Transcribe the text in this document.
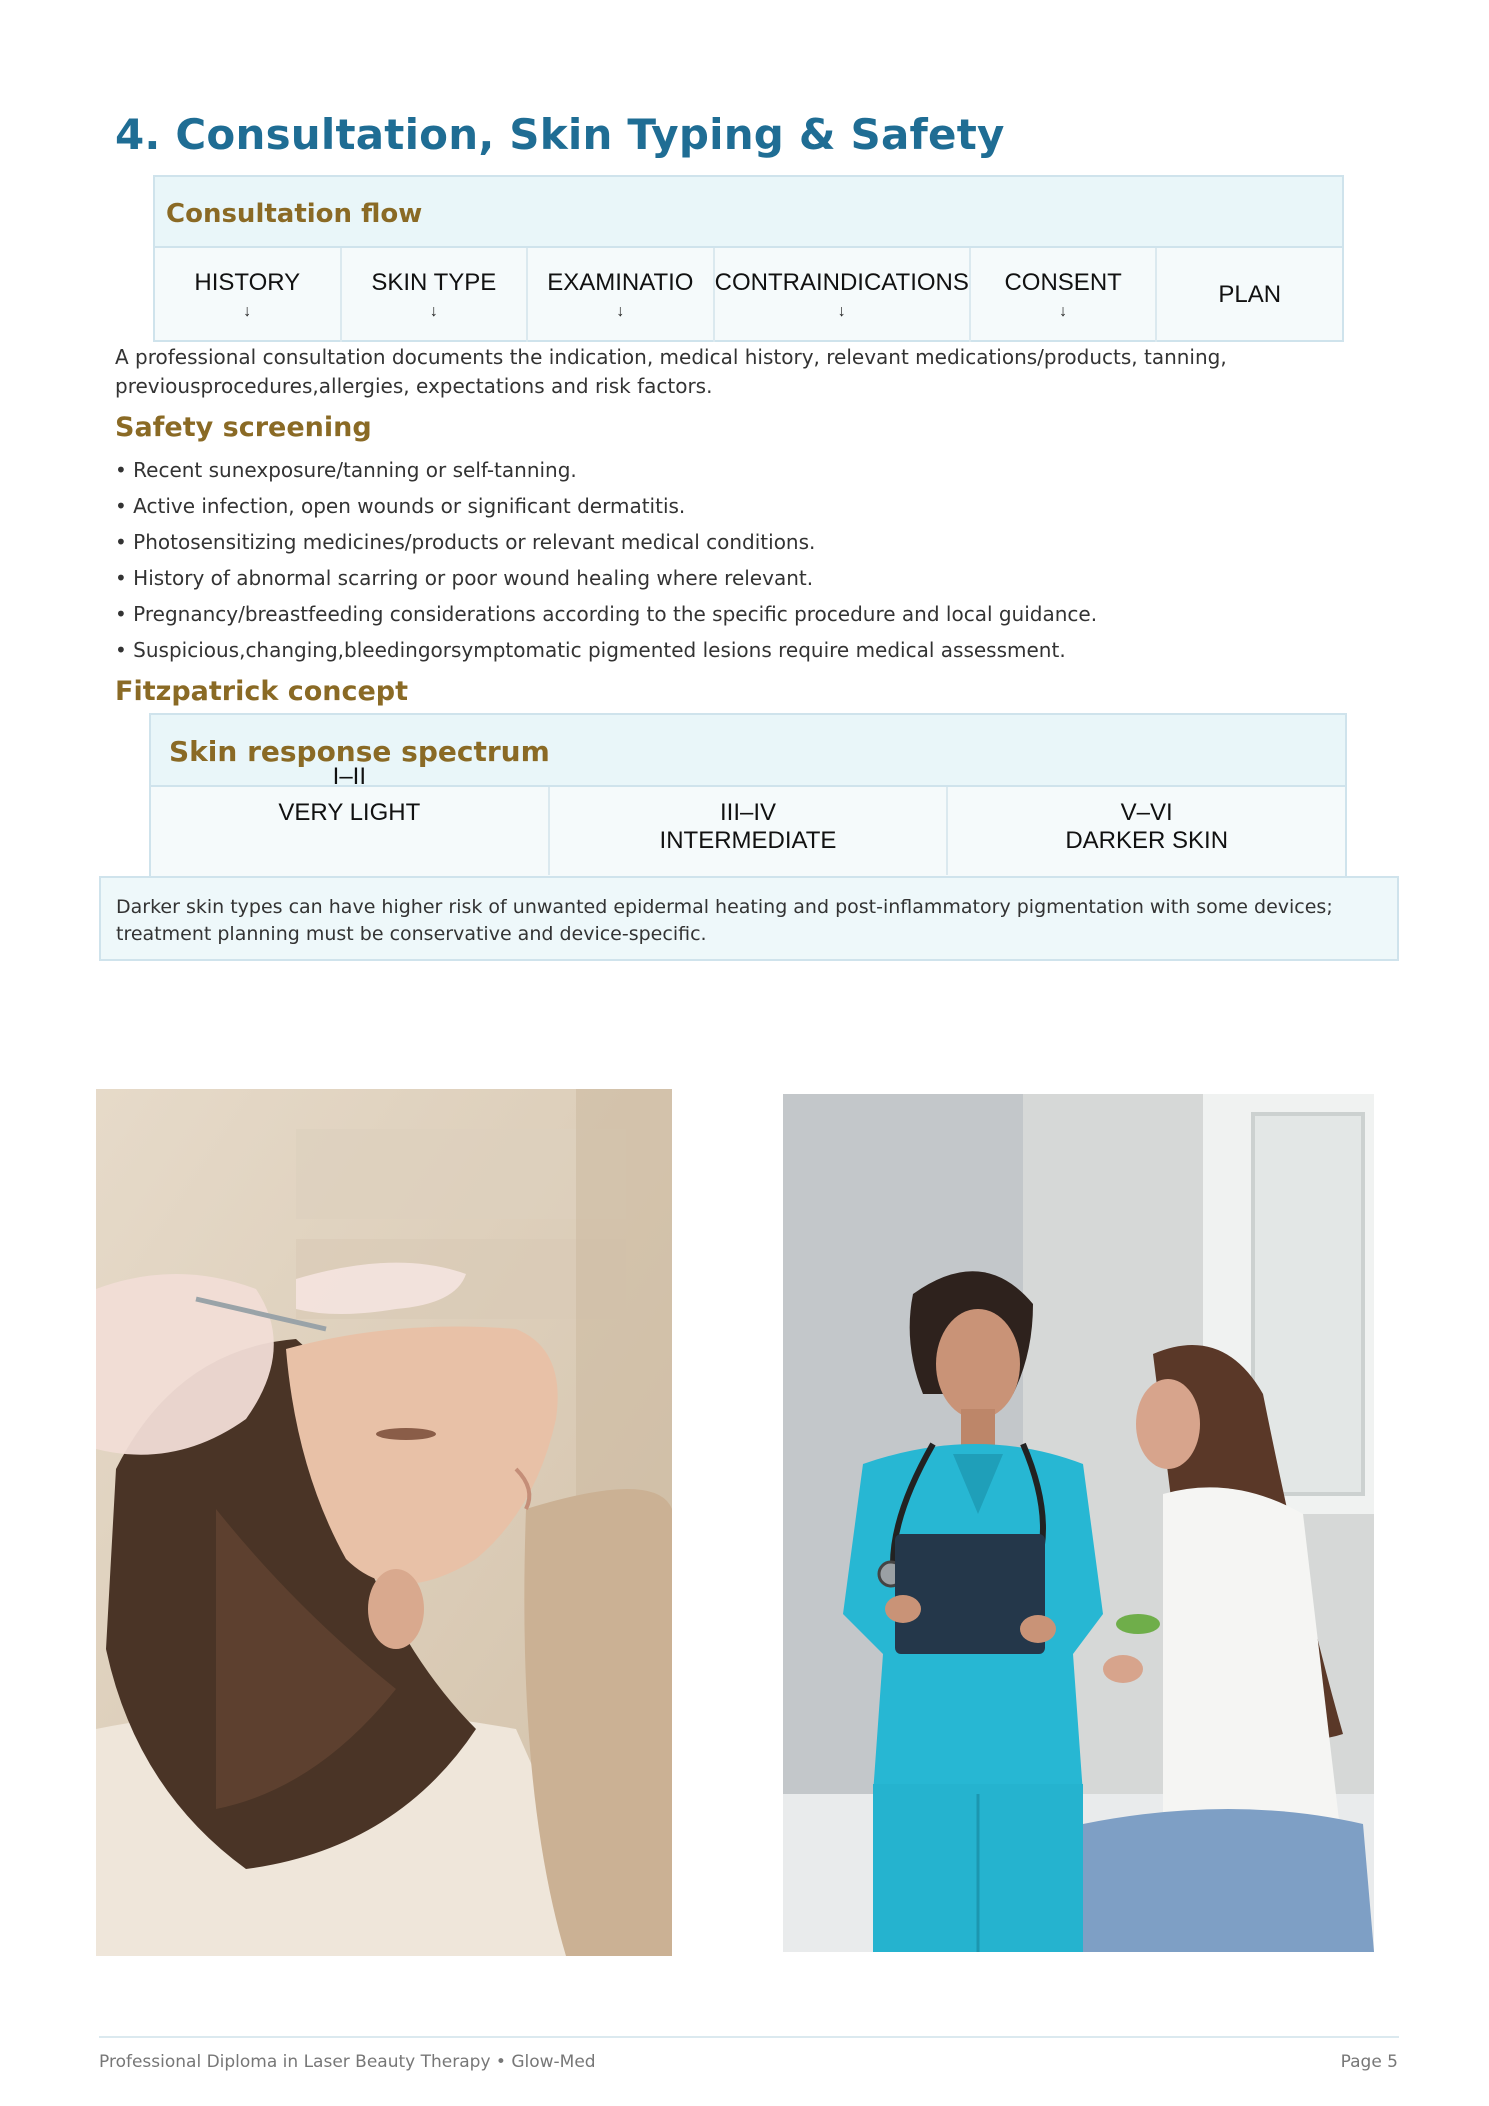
4. Consultation, Skin Typing & Safety
Consultation flow
HISTORY
↓
SKIN TYPE
↓
EXAMINATIO
↓
CONTRAINDICATIONS
↓
CONSENT
↓
PLAN

A professional consultation documents the indication, medical history, relevant medications/products, tanning, previousprocedures,allergies, expectations and risk factors.

Safety screening
• Recent sunexposure/tanning or self-tanning.
• Active infection, open wounds or significant dermatitis.
• Photosensitizing medicines/products or relevant medical conditions.
• History of abnormal scarring or poor wound healing where relevant.
• Pregnancy/breastfeeding considerations according to the specific procedure and local guidance.
• Suspicious,changing,bleedingorsymptomatic pigmented lesions require medical assessment.
Fitzpatrick concept
Skin response spectrum
I–II
VERY LIGHT	III–IV
INTERMEDIATE
V–VI
DARKER SKIN
Darker skin types can have higher risk of unwanted epidermal heating and post-inflammatory pigmentation with some devices; treatment planning must be conservative and device-specific.
Professional Diploma in Laser Beauty Therapy • Glow-Med	Page 5
